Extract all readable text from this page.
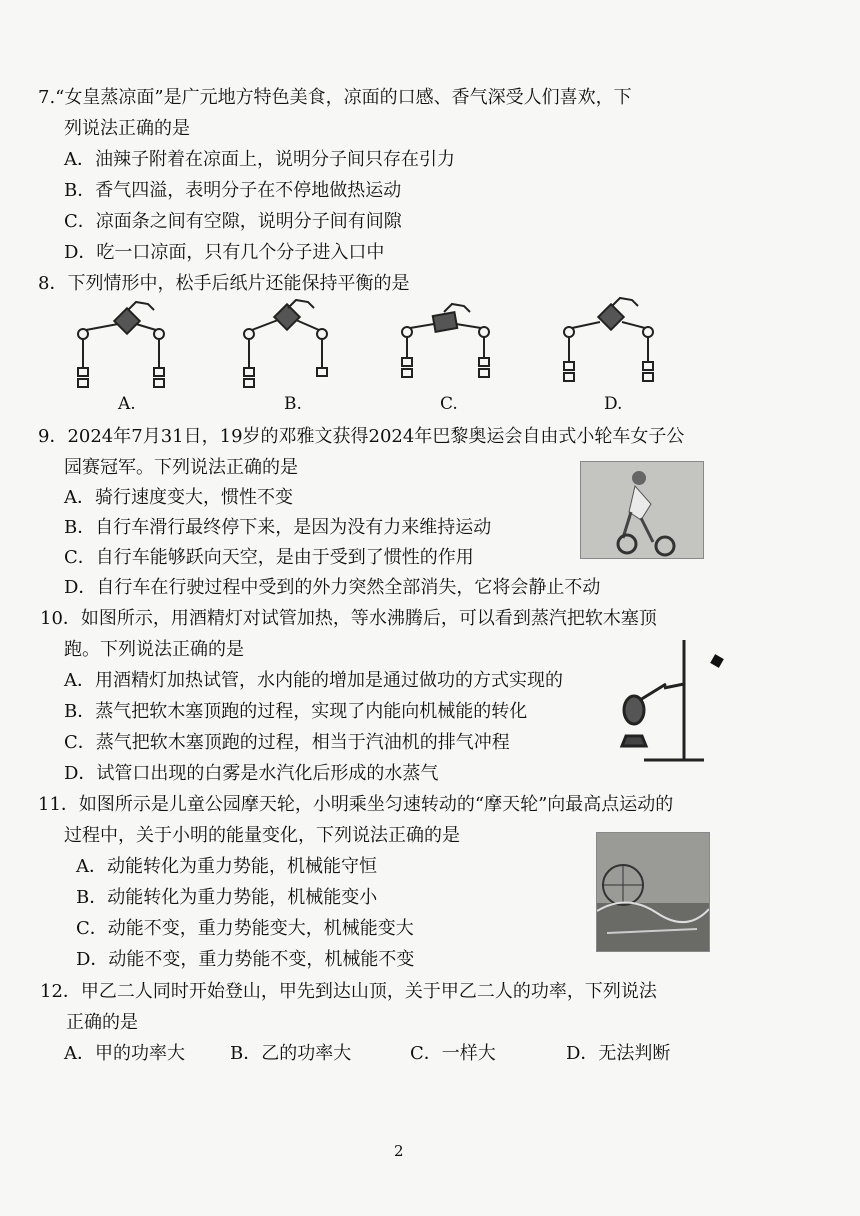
7.“女皇蒸凉面”是广元地方特色美食，凉面的口感、香气深受人们喜欢，下
列说法正确的是
A．油辣子附着在凉面上，说明分子间只存在引力
B．香气四溢，表明分子在不停地做热运动
C．凉面条之间有空隙，说明分子间有间隙
D．吃一口凉面，只有几个分子进入口中
8．下列情形中，松手后纸片还能保持平衡的是
A.	B.	C.	D.
9．2024年7月31日，19岁的邓雅文获得2024年巴黎奥运会自由式小轮车女子公
园赛冠军。下列说法正确的是
A．骑行速度变大，惯性不变
B．自行车滑行最终停下来，是因为没有力来维持运动
C．自行车能够跃向天空，是由于受到了惯性的作用
D．自行车在行驶过程中受到的外力突然全部消失，它将会静止不动
10．如图所示，用酒精灯对试管加热，等水沸腾后，可以看到蒸汽把软木塞顶
跑。下列说法正确的是
A．用酒精灯加热试管，水内能的增加是通过做功的方式实现的
B．蒸气把软木塞顶跑的过程，实现了内能向机械能的转化
C．蒸气把软木塞顶跑的过程，相当于汽油机的排气冲程
D．试管口出现的白雾是水汽化后形成的水蒸气
11．如图所示是儿童公园摩天轮，小明乘坐匀速转动的“摩天轮”向最高点运动的
过程中，关于小明的能量变化，下列说法正确的是
A．动能转化为重力势能，机械能守恒
B．动能转化为重力势能，机械能变小
C．动能不变，重力势能变大，机械能变大
D．动能不变，重力势能不变，机械能不变
12．甲乙二人同时开始登山，甲先到达山顶，关于甲乙二人的功率，下列说法
正确的是
A．甲的功率大	B．乙的功率大	C．一样大	D．无法判断
2
